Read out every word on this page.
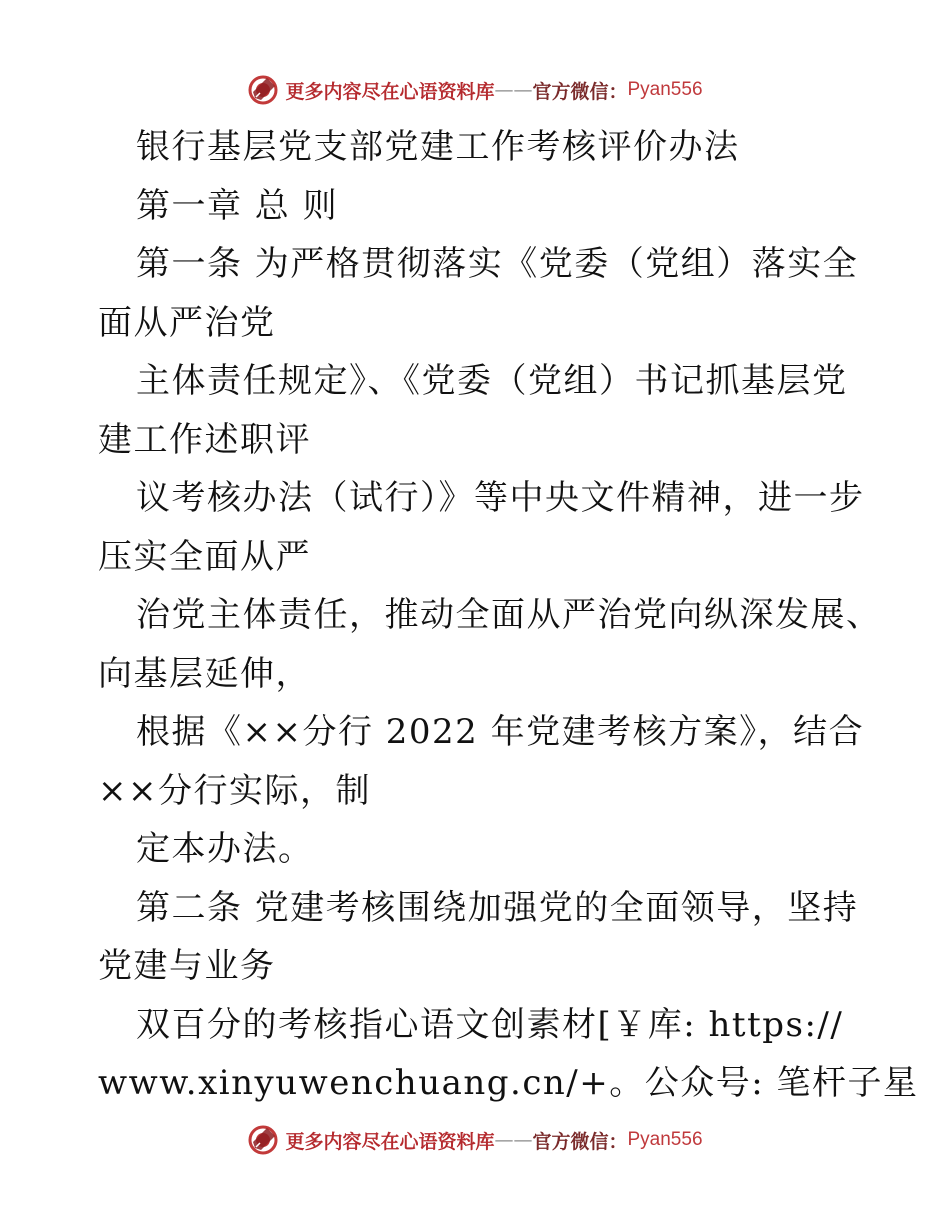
更多内容尽在心语资料库 —— 官方微信： Pyan556
银行基层党支部党建工作考核评价办法
第一章 总 则
第一条 为严格贯彻落实《党委（党组）落实全
面从严治党
主体责任规定》、《党委（党组）书记抓基层党
建工作述职评
议考核办法（试行）》等中央文件精神，进一步
压实全面从严
治党主体责任，推动全面从严治党向纵深发展、
向基层延伸，
根据《××分行 2022 年党建考核方案》，结合
××分行实际，制
定本办法。
第二条 党建考核围绕加强党的全面领导，坚持
党建与业务
双百分的考核指心语文创素材[￥库: https://
www.xinyuwenchuang.cn/+。公众号: 笔杆子星
更多内容尽在心语资料库 —— 官方微信： Pyan556
